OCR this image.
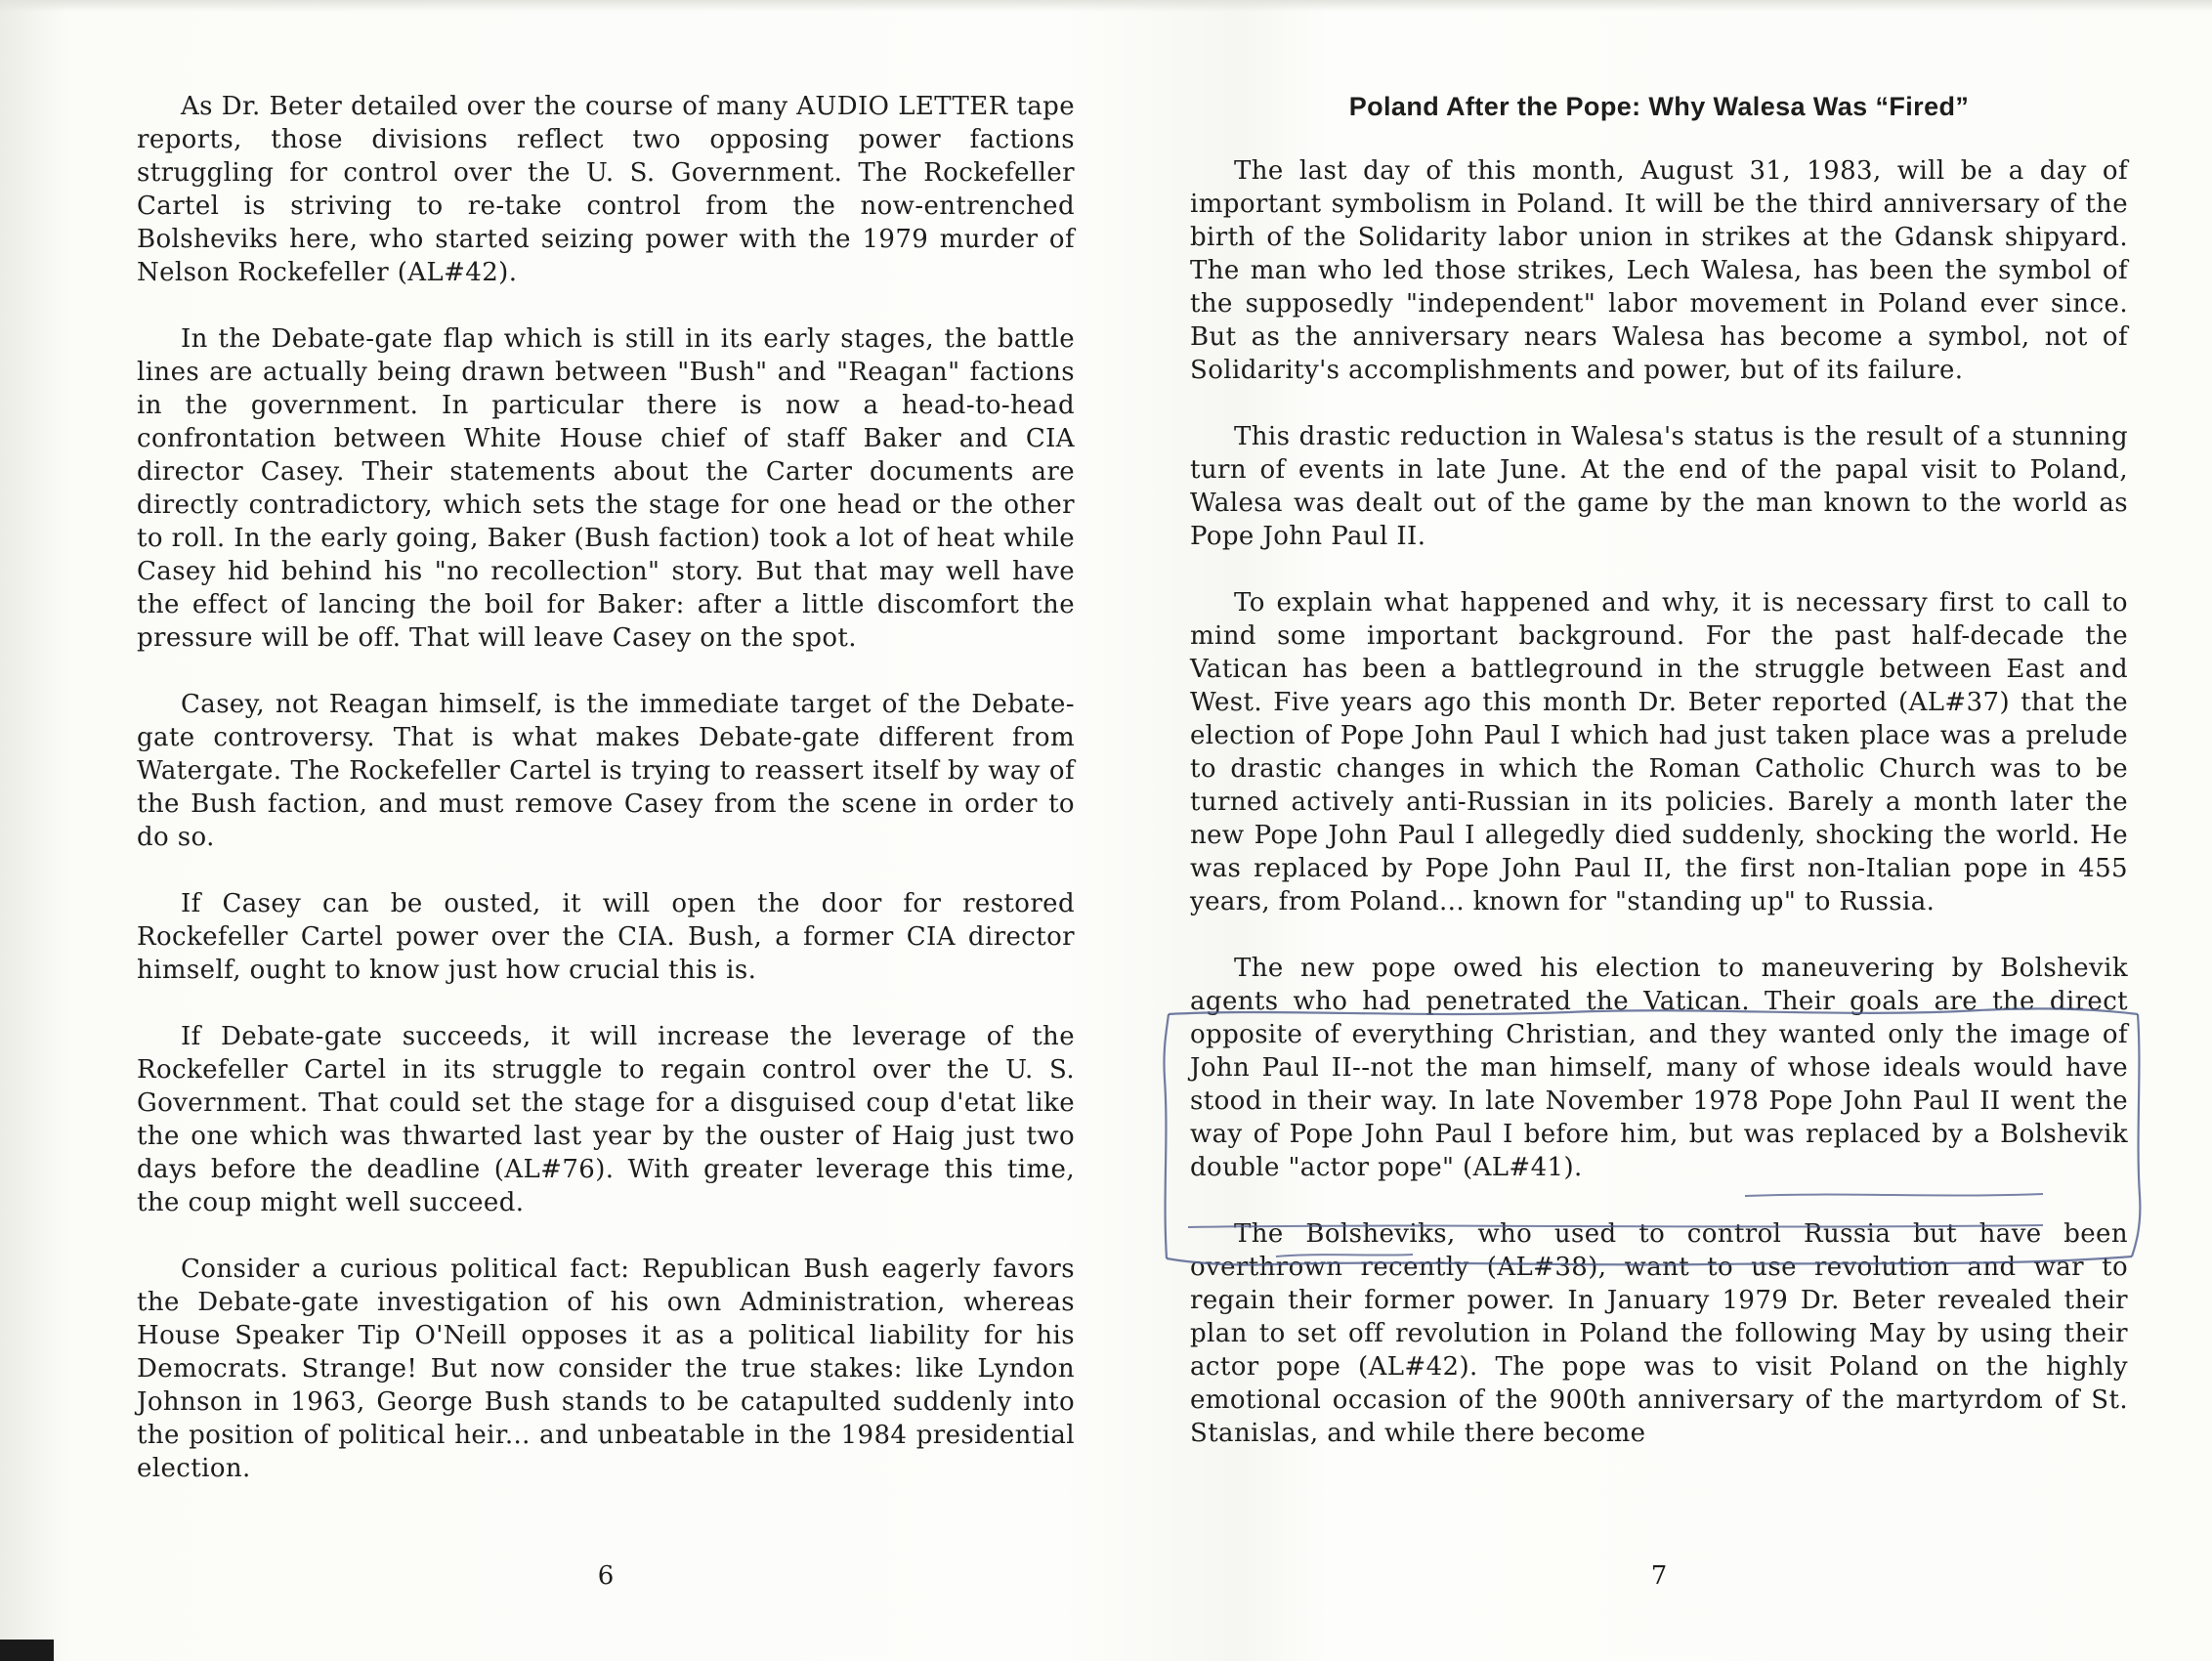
As Dr. Beter detailed over the course of many AUDIO LETTER tape reports, those divisions reflect two opposing power factions struggling for control over the U. S. Government. The Rockefeller Cartel is striving to re-take control from the now-entrenched Bolsheviks here, who started seizing power with the 1979 murder of Nelson Rockefeller (AL#42).

In the Debate-gate flap which is still in its early stages, the battle lines are actually being drawn between "Bush" and "Reagan" factions in the government. In particular there is now a head-to-head confrontation between White House chief of staff Baker and CIA director Casey. Their statements about the Carter documents are directly contradictory, which sets the stage for one head or the other to roll. In the early going, Baker (Bush faction) took a lot of heat while Casey hid behind his "no recollection" story. But that may well have the effect of lancing the boil for Baker: after a little discomfort the pressure will be off. That will leave Casey on the spot.

Casey, not Reagan himself, is the immediate target of the Debate-gate controversy. That is what makes Debate-gate different from Watergate. The Rockefeller Cartel is trying to reassert itself by way of the Bush faction, and must remove Casey from the scene in order to do so.

If Casey can be ousted, it will open the door for restored Rockefeller Cartel power over the CIA. Bush, a former CIA director himself, ought to know just how crucial this is.

If Debate-gate succeeds, it will increase the leverage of the Rockefeller Cartel in its struggle to regain control over the U. S. Government. That could set the stage for a disguised coup d'etat like the one which was thwarted last year by the ouster of Haig just two days before the deadline (AL#76). With greater leverage this time, the coup might well succeed.

Consider a curious political fact: Republican Bush eagerly favors the Debate-gate investigation of his own Administration, whereas House Speaker Tip O'Neill opposes it as a political liability for his Democrats. Strange! But now consider the true stakes: like Lyndon Johnson in 1963, George Bush stands to be catapulted suddenly into the position of political heir... and unbeatable in the 1984 presidential election.

6
Poland After the Pope: Why Walesa Was “Fired”

The last day of this month, August 31, 1983, will be a day of important symbolism in Poland. It will be the third anniversary of the birth of the Solidarity labor union in strikes at the Gdansk shipyard. The man who led those strikes, Lech Walesa, has been the symbol of the supposedly "independent" labor movement in Poland ever since. But as the anniversary nears Walesa has become a symbol, not of Solidarity's accomplishments and power, but of its failure.

This drastic reduction in Walesa's status is the result of a stunning turn of events in late June. At the end of the papal visit to Poland, Walesa was dealt out of the game by the man known to the world as Pope John Paul II.

To explain what happened and why, it is necessary first to call to mind some important background. For the past half-decade the Vatican has been a battleground in the struggle between East and West. Five years ago this month Dr. Beter reported (AL#37) that the election of Pope John Paul I which had just taken place was a prelude to drastic changes in which the Roman Catholic Church was to be turned actively anti-Russian in its policies. Barely a month later the new Pope John Paul I allegedly died suddenly, shocking the world. He was replaced by Pope John Paul II, the first non-Italian pope in 455 years, from Poland... known for "standing up" to Russia.

The new pope owed his election to maneuvering by Bolshevik agents who had penetrated the Vatican. Their goals are the direct opposite of everything Christian, and they wanted only the image of John Paul II--not the man himself, many of whose ideals would have stood in their way. In late November 1978 Pope John Paul II went the way of Pope John Paul I before him, but was replaced by a Bolshevik double "actor pope" (AL#41).

The Bolsheviks, who used to control Russia but have been overthrown recently (AL#38), want to use revolution and war to regain their former power. In January 1979 Dr. Beter revealed their plan to set off revolution in Poland the following May by using their actor pope (AL#42). The pope was to visit Poland on the highly emotional occasion of the 900th anniversary of the martyrdom of St. Stanislas, and while there become

7
